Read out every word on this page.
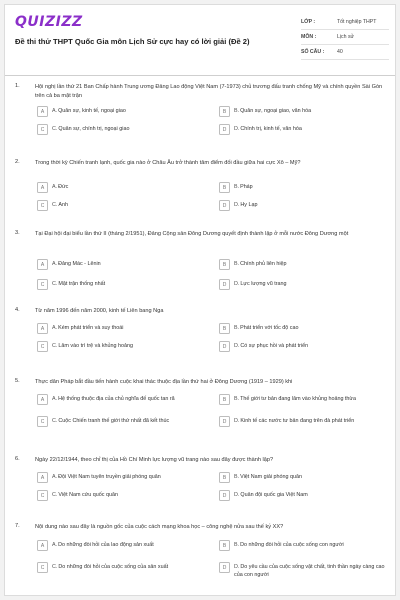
QUIZIZZ
Đề thi thử THPT Quốc Gia môn Lịch Sử cực hay có lời giải (Đề 2)
LỚP :	Tốt nghiệp THPT
MÔN :	Lịch sử
SỐ CÂU :	40
1.	Hội nghị lần thứ 21 Ban Chấp hành Trung ương Đảng Lao động Việt Nam (7-1973) chủ trương đấu tranh chống Mỹ và chính quyền Sài Gòn trên cả ba mặt trận
A	A.Quân sự, kinh tế, ngoại giao	B	B.Quân sự, ngoại giao, văn hóa
C	C.Quân sự, chính trị, ngoại giao	D	D.Chính trị, kinh tế, văn hóa
2.	Trong thời kỳ Chiến tranh lạnh, quốc gia nào ở Châu Âu trở thành tâm điểm đối đầu giữa hai cực Xô – Mỹ?
A	A.Đức	B	B.Pháp
C	C.Anh	D	D.Hy Lạp
3.	Tại Đại hội đại biểu lần thứ II (tháng 2/1951), Đảng Cộng sản Đông Dương quyết định thành lập ở mỗi nước Đông Dương một
A	A.Đảng Mác - Lênin	B	B.Chính phủ liên hiệp
C	C.Mặt trận thống nhất	D	D.Lực lượng vũ trang
4.	Từ năm 1996 đến năm 2000, kinh tế Liên bang Nga
A	A.Kém phát triển và suy thoái	B	B.Phát triển với tốc độ cao
C	C.Lâm vào trì trệ và khủng hoảng	D	D.Có sự phục hồi và phát triển
5.	Thực dân Pháp bắt đầu tiến hành cuộc khai thác thuộc địa lần thứ hai ở Đông Dương (1919 – 1929) khi
A	A.Hệ thống thuộc địa của chủ nghĩa đế quốc tan rã	B	B.Thế giới tư bản đang lâm vào khủng hoảng thừa
C	C.Cuộc Chiến tranh thế giới thứ nhất đã kết thúc	D	D.Kinh tế các nước tư bản đang trên đà phát triển
6.	Ngày 22/12/1944, theo chỉ thị của Hồ Chí Minh lực lượng vũ trang nào sau đây được thành lập?
A	A.Đội Việt Nam tuyên truyền giải phóng quân	B	B.Việt Nam giải phóng quân
C	C.Việt Nam cứu quốc quân	D	D.Quân đội quốc gia Việt Nam
7.	Nội dung nào sau đây là nguồn gốc của cuộc cách mạng khoa học – công nghệ nửa sau thế kỷ XX?
A	A.Do những đòi hỏi của lao động sản xuất	B	B.Do những đòi hỏi của cuộc sống con người
C	C.Do những đòi hỏi của cuộc sống của sản xuất	D	D.Do yêu cầu của cuộc sống vật chất, tinh thần ngày càng cao của con người
